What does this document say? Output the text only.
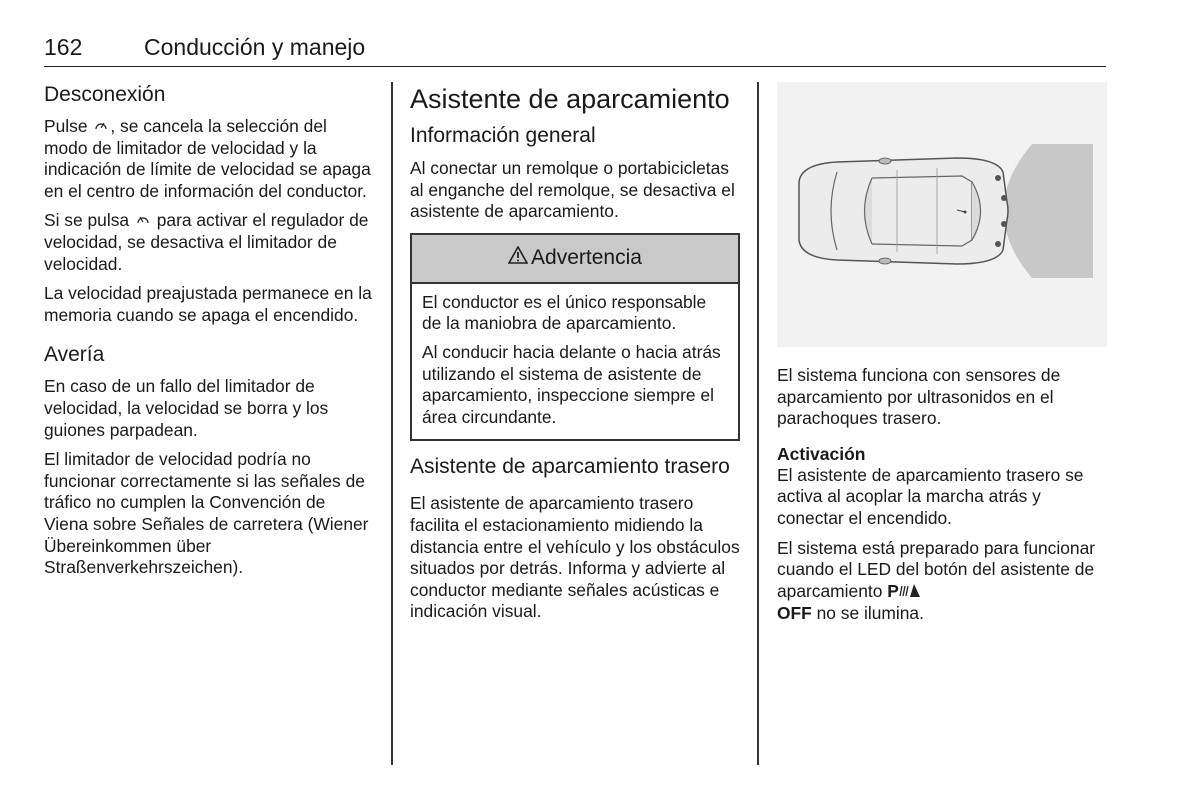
162	Conducción y manejo
Desconexión

Pulse , se cancela la selección del modo de limitador de velocidad y la indicación de límite de velocidad se apaga en el centro de información del conductor.

Si se pulsa  para activar el regulador de velocidad, se desactiva el limitador de velocidad.

La velocidad preajustada permanece en la memoria cuando se apaga el encendido.

Avería

En caso de un fallo del limitador de velocidad, la velocidad se borra y los guiones parpadean.

El limitador de velocidad podría no funcionar correctamente si las señales de tráfico no cumplen la Convención de Viena sobre Señales de carretera (Wiener Übereinkommen über Straßenverkehrszeichen).

Asistente de aparcamiento
Información general

Al conectar un remolque o portabicicletas al enganche del remolque, se desactiva el asistente de aparcamiento.

Advertencia

El conductor es el único responsable de la maniobra de aparcamiento.

Al conducir hacia delante o hacia atrás utilizando el sistema de asistente de aparcamiento, inspeccione siempre el área circundante.

Asistente de aparcamiento trasero

El asistente de aparcamiento trasero facilita el estacionamiento midiendo la distancia entre el vehículo y los obstáculos situados por detrás. Informa y advierte al conductor mediante señales acústicas e indicación visual.

El sistema funciona con sensores de aparcamiento por ultrasonidos en el parachoques trasero.

Activación

El asistente de aparcamiento trasero se activa al acoplar la marcha atrás y conectar el encendido.

El sistema está preparado para funcionar cuando el LED del botón del asistente de aparcamiento P
OFF no se ilumina.
